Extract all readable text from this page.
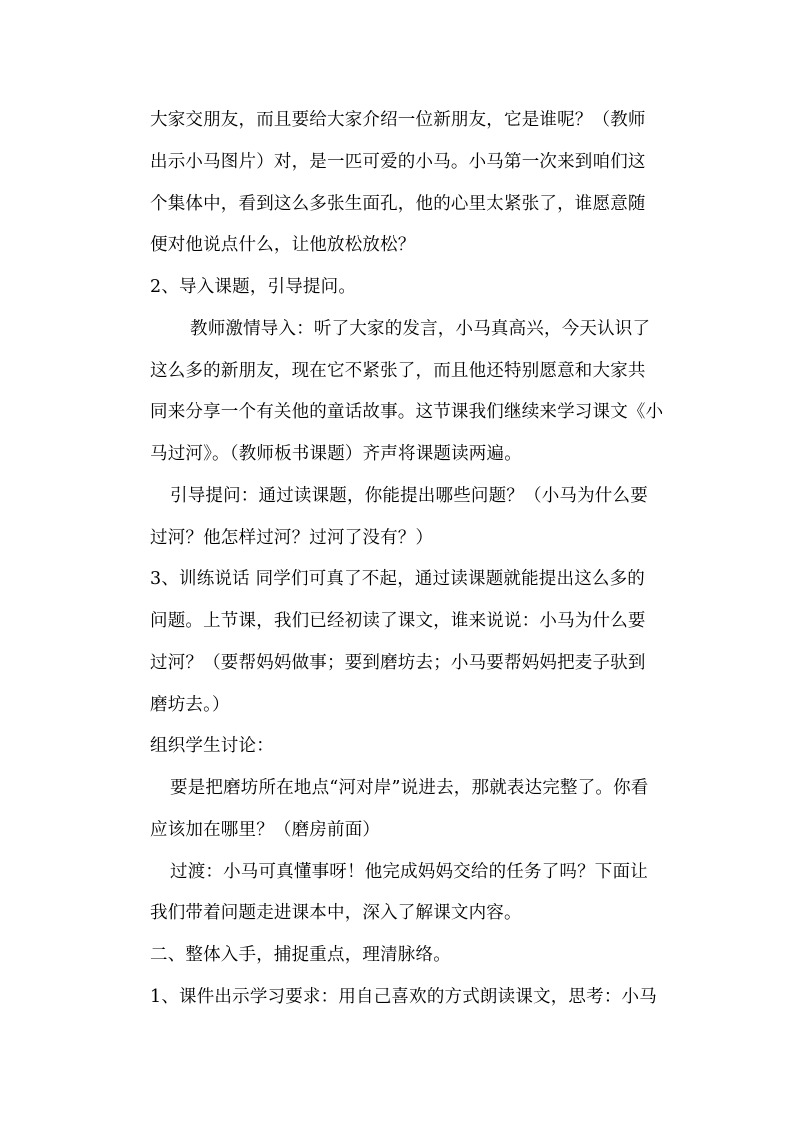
大家交朋友，而且要给大家介绍一位新朋友，它是谁呢？（教师
出示小马图片）对，是一匹可爱的小马。小马第一次来到咱们这
个集体中，看到这么多张生面孔，他的心里太紧张了，谁愿意随
便对他说点什么，让他放松放松？
2、导入课题，引导提问。
教师激情导入：听了大家的发言，小马真高兴，今天认识了
这么多的新朋友，现在它不紧张了，而且他还特别愿意和大家共
同来分享一个有关他的童话故事。这节课我们继续来学习课文《小
马过河》。（教师板书课题）齐声将课题读两遍。
引导提问：通过读课题，你能提出哪些问题？（小马为什么要
过河？他怎样过河？过河了没有？）
3、训练说话 同学们可真了不起，通过读课题就能提出这么多的
问题。上节课，我们已经初读了课文，谁来说说：小马为什么要
过河？（要帮妈妈做事；要到磨坊去；小马要帮妈妈把麦子驮到
磨坊去。）
组织学生讨论：
要是把磨坊所在地点“河对岸”说进去，那就表达完整了。你看
应该加在哪里？（磨房前面）
过渡：小马可真懂事呀！他完成妈妈交给的任务了吗？下面让
我们带着问题走进课本中，深入了解课文内容。
二、整体入手，捕捉重点，理清脉络。
1、课件出示学习要求：用自己喜欢的方式朗读课文，思考：小马
